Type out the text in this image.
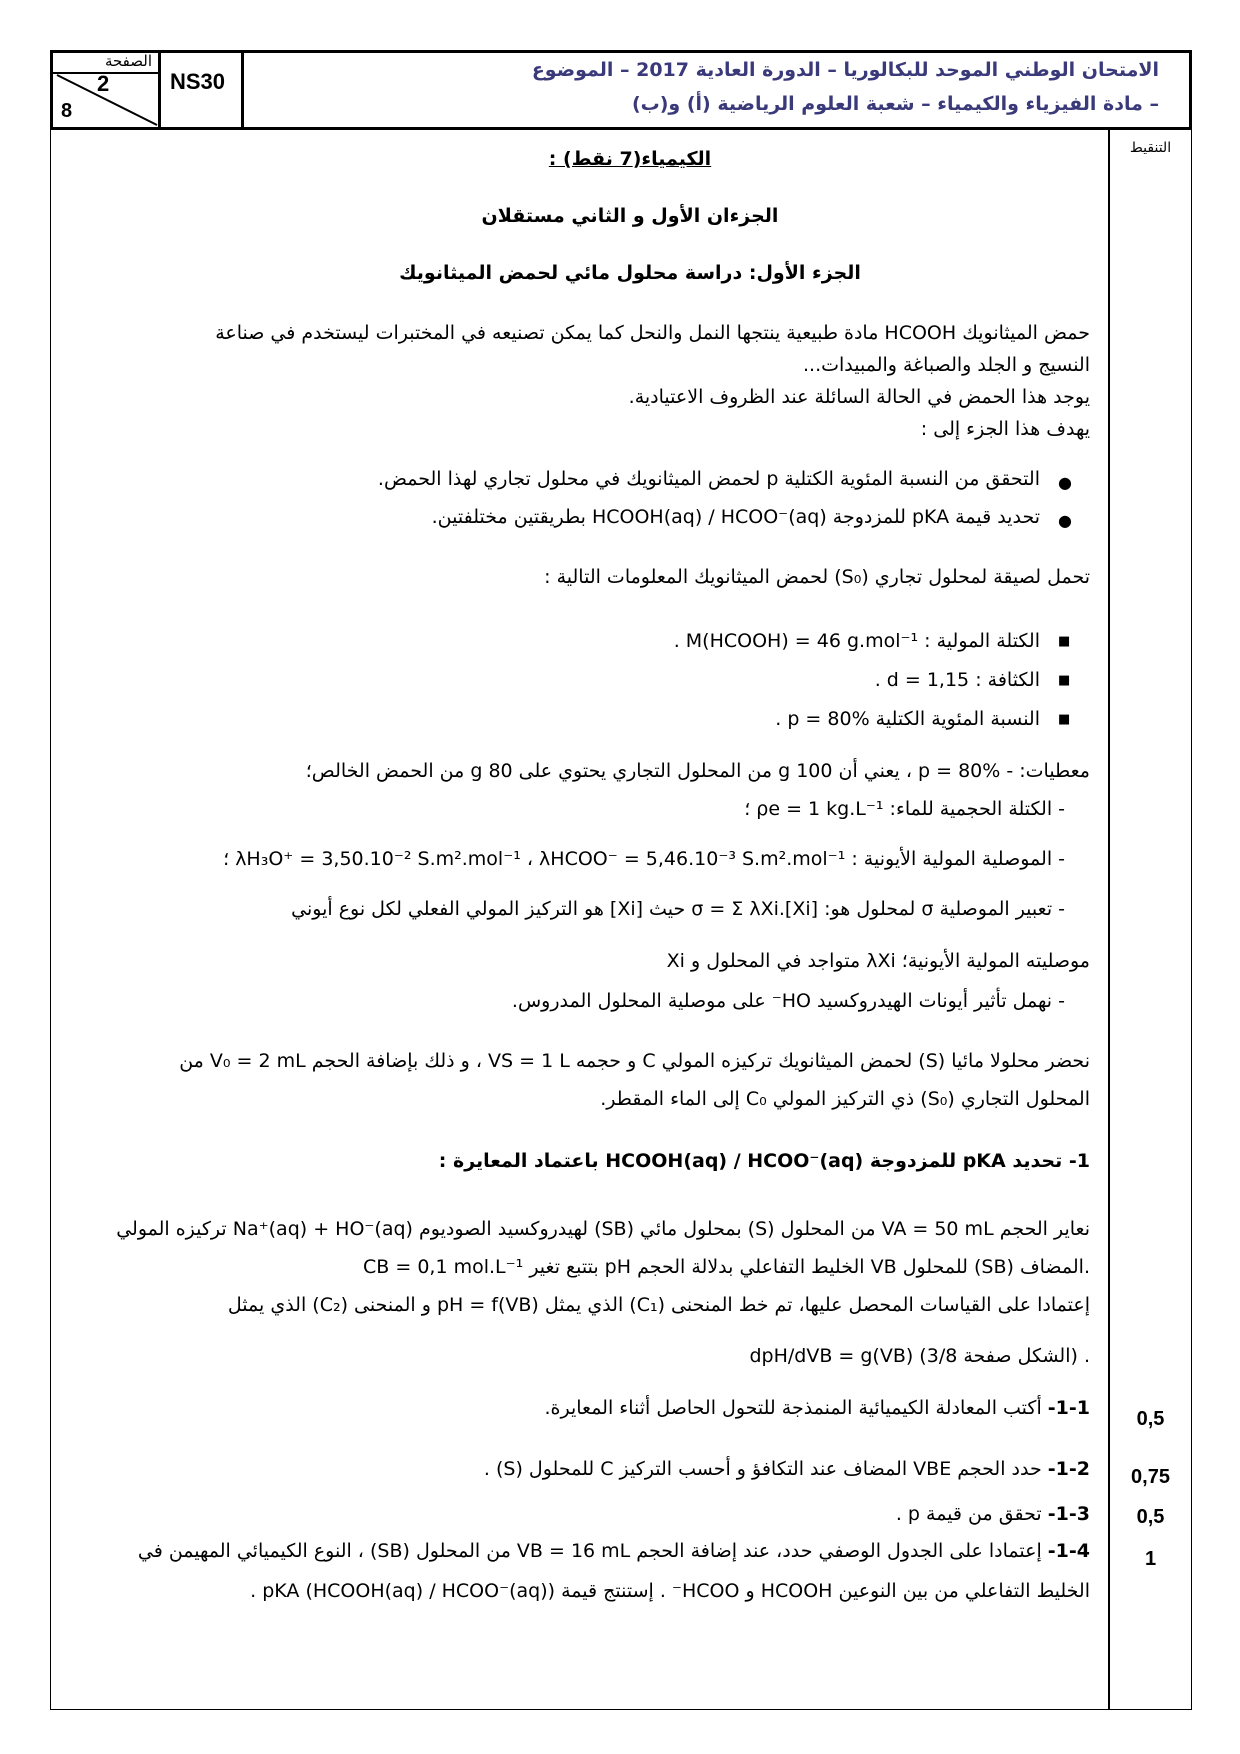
الصفحة
2
8
NS30	الامتحان الوطني الموحد للبكالوريا – الدورة العادية 2017 – الموضوع
– مادة الفيزياء والكيمياء – شعبة العلوم الرياضية (أ) و(ب)
التنقيط
الكيمياء(7 نقط) :
الجزءان الأول و الثاني مستقلان
الجزء الأول: دراسة محلول مائي لحمض الميثانويك
حمض الميثانويك HCOOH مادة طبيعية ينتجها النمل والنحل كما يمكن تصنيعه في المختبرات ليستخدم في صناعة
النسيج و الجلد والصباغة والمبيدات...
يوجد هذا الحمض في الحالة السائلة عند الظروف الاعتيادية.
يهدف هذا الجزء إلى :
●
التحقق من النسبة المئوية الكتلية p لحمض الميثانويك في محلول تجاري لهذا الحمض.
●
تحديد قيمة pKA للمزدوجة HCOOH(aq) / HCOO⁻(aq) بطريقتين مختلفتين.
تحمل لصيقة لمحلول تجاري (S₀) لحمض الميثانويك المعلومات التالية :
■
الكتلة المولية : M(HCOOH) = 46 g.mol⁻¹ .
■
الكثافة : d = 1,15 .
■
النسبة المئوية الكتلية p = 80% .
معطيات: - p = 80% ، يعني أن 100 g من المحلول التجاري يحتوي على 80 g من الحمض الخالص؛
- الكتلة الحجمية للماء: ρe = 1 kg.L⁻¹ ؛
- الموصلية المولية الأيونية : λH₃O⁺ = 3,50.10⁻² S.m².mol⁻¹ ، λHCOO⁻ = 5,46.10⁻³ S.m².mol⁻¹ ؛
- تعبير الموصلية σ لمحلول هو: σ = Σ λXi.[Xi] حيث [Xi] هو التركيز المولي الفعلي لكل نوع أيوني
Xi متواجد في المحلول و λXi موصليته المولية الأيونية؛
- نهمل تأثير أيونات الهيدروكسيد HO⁻ على موصلية المحلول المدروس.
نحضر محلولا مائيا (S) لحمض الميثانويك تركيزه المولي C و حجمه VS = 1 L ، و ذلك بإضافة الحجم V₀ = 2 mL من
المحلول التجاري (S₀) ذي التركيز المولي C₀ إلى الماء المقطر.
1- تحديد pKA للمزدوجة HCOOH(aq) / HCOO⁻(aq) باعتماد المعايرة :
نعاير الحجم VA = 50 mL من المحلول (S) بمحلول مائي (SB) لهيدروكسيد الصوديوم Na⁺(aq) + HO⁻(aq) تركيزه المولي
CB = 0,1 mol.L⁻¹ بتتبع تغير pH الخليط التفاعلي بدلالة الحجم VB للمحلول (SB) المضاف.
إعتمادا على القياسات المحصل عليها، تم خط المنحنى (C₁) الذي يمثل pH = f(VB) و المنحنى (C₂) الذي يمثل
dpH/dVB = g(VB) (الشكل صفحة 3/8) .
1-1- أكتب المعادلة الكيميائية المنمذجة للتحول الحاصل أثناء المعايرة.	0,5
1-2- حدد الحجم VBE المضاف عند التكافؤ و أحسب التركيز C للمحلول (S) .	0,75
1-3- تحقق من قيمة p .	0,5
1-4- إعتمادا على الجدول الوصفي حدد، عند إضافة الحجم VB = 16 mL من المحلول (SB) ، النوع الكيميائي المهيمن في	1
الخليط التفاعلي من بين النوعين HCOOH و HCOO⁻ . إستنتج قيمة pKA (HCOOH(aq) / HCOO⁻(aq)) .
